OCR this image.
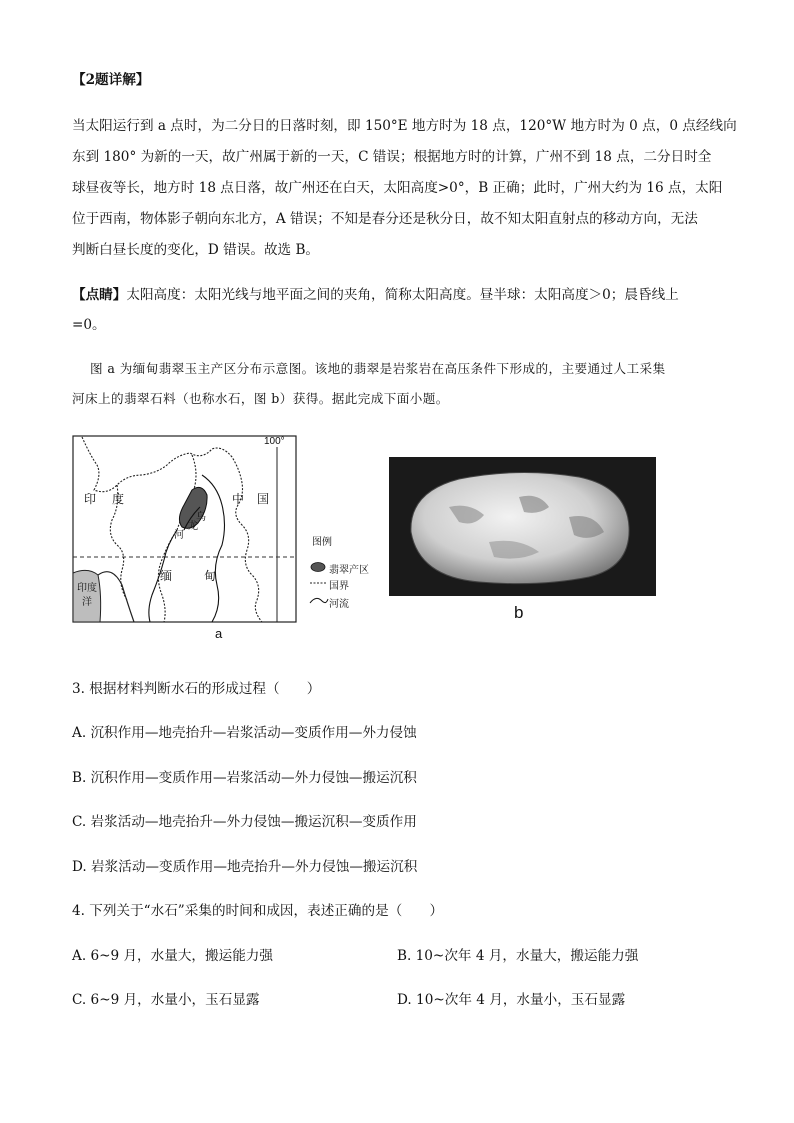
【2题详解】
当太阳运行到 a 点时，为二分日的日落时刻，即 150°E 地方时为 18 点，120°W 地方时为 0 点，0 点经线向
东到 180° 为新的一天，故广州属于新的一天，C 错误；根据地方时的计算，广州不到 18 点，二分日时全
球昼夜等长，地方时 18 点日落，故广州还在白天，太阳高度>0°，B 正确；此时，广州大约为 16 点，太阳
位于西南，物体影子朝向东北方，A 错误；不知是春分还是秋分日，故不知太阳直射点的移动方向，无法
判断白昼长度的变化，D 错误。故选 B。
【点睛】太阳高度：太阳光线与地平面之间的夹角，简称太阳高度。昼半球：太阳高度＞0；晨昏线上
=0。
图 a 为缅甸翡翠玉主产区分布示意图。该地的翡翠是岩浆岩在高压条件下形成的，主要通过人工采集
河床上的翡翠石料（也称水石，图 b）获得。据此完成下面小题。
100°
印 度	中 国
缅	甸
印 度
洋
乌
龙
河
图例
翡翠产区
国界
河流
a
b
3. 根据材料判断水石的形成过程（　　）
A. 沉积作用—地壳抬升—岩浆活动—变质作用—外力侵蚀
B. 沉积作用—变质作用—岩浆活动—外力侵蚀—搬运沉积
C. 岩浆活动—地壳抬升—外力侵蚀—搬运沉积—变质作用
D. 岩浆活动—变质作用—地壳抬升—外力侵蚀—搬运沉积
4. 下列关于“水石”采集的时间和成因，表述正确的是（　　）
A. 6~9 月，水量大，搬运能力强	B. 10~次年 4 月，水量大，搬运能力强
C. 6~9 月，水量小，玉石显露	D. 10~次年 4 月，水量小，玉石显露
